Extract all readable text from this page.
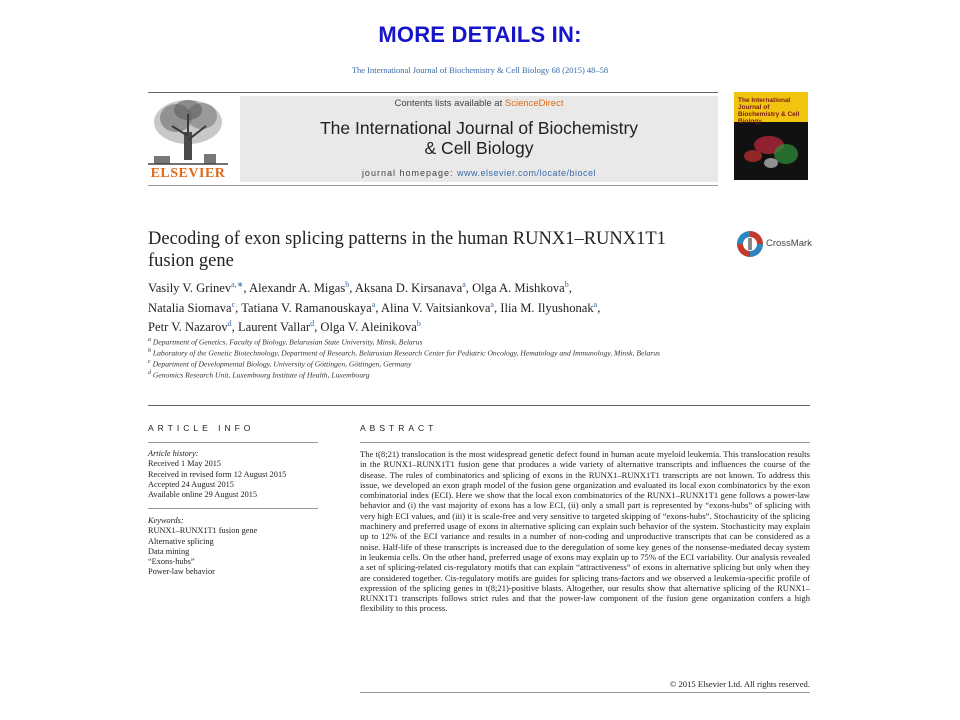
MORE DETAILS IN:
The International Journal of Biochemistry & Cell Biology 68 (2015) 48–58
ELSEVIER
Contents lists available at ScienceDirect
The International Journal of Biochemistry
& Cell Biology
journal homepage: www.elsevier.com/locate/biocel
The International Journal of Biochemistry & Cell Biology
Decoding of exon splicing patterns in the human RUNX1–RUNX1T1
fusion gene
CrossMark
Vasily V. Grinev$^{a,∗}$, Alexandr A. Migas$^b$, Aksana D. Kirsanava$^a$, Olga A. Mishkova$^b$,
Natalia Siomava$^c$, Tatiana V. Ramanouskaya$^a$, Alina V. Vaitsiankova$^a$, Ilia M. Ilyushonak$^a$,
Petr V. Nazarov$^d$, Laurent Vallar$^d$, Olga V. Aleinikova$^b$
$^a$ Department of Genetics, Faculty of Biology, Belarusian State University, Minsk, Belarus
$^b$ Laboratory of the Genetic Biotechnology, Department of Research, Belarusian Research Center for Pediatric Oncology, Hematology and Immunology, Minsk, Belarus
$^c$ Department of Developmental Biology, University of Göttingen, Göttingen, Germany
$^d$ Genomics Research Unit, Luxembourg Institute of Health, Luxembourg
ARTICLE INFO	ABSTRACT
Article history:
Received 1 May 2015
Received in revised form 12 August 2015
Accepted 24 August 2015
Available online 29 August 2015
Keywords:
RUNX1–RUNX1T1 fusion gene
Alternative splicing
Data mining
“Exons-hubs”
Power-law behavior
The t(8;21) translocation is the most widespread genetic defect found in human acute myeloid leukemia. This translocation results in the RUNX1–RUNX1T1 fusion gene that produces a wide variety of alternative transcripts and influences the course of the disease. The rules of combinatorics and splicing of exons in the RUNX1–RUNX1T1 transcripts are not known. To address this issue, we developed an exon graph model of the fusion gene organization and evaluated its local exon combinatorics by the exon combinatorial index (ECI). Here we show that the local exon combinatorics of the RUNX1–RUNX1T1 gene follows a power-law behavior and (i) the vast majority of exons has a low ECI, (ii) only a small part is represented by “exons-hubs” of splicing with very high ECI values, and (iii) it is scale-free and very sensitive to targeted skipping of “exons-hubs”. Stochasticity of the splicing machinery and preferred usage of exons in alternative splicing can explain such behavior of the system. Stochasticity may explain up to 12% of the ECI variance and results in a number of non-coding and unproductive transcripts that can be considered as a noise. Half-life of these transcripts is increased due to the deregulation of some key genes of the nonsense-mediated decay system in leukemia cells. On the other hand, preferred usage of exons may explain up to 75% of the ECI variability. Our analysis revealed a set of splicing-related cis-regulatory motifs that can explain “attractiveness” of exons in alternative splicing but only when they are considered together. Cis-regulatory motifs are guides for splicing trans-factors and we observed a leukemia-specific profile of expression of the splicing genes in t(8;21)-positive blasts. Altogether, our results show that alternative splicing of the RUNX1–RUNX1T1 transcripts follows strict rules and that the power-law component of the fusion gene organization confers a high flexibility to this process.
© 2015 Elsevier Ltd. All rights reserved.
